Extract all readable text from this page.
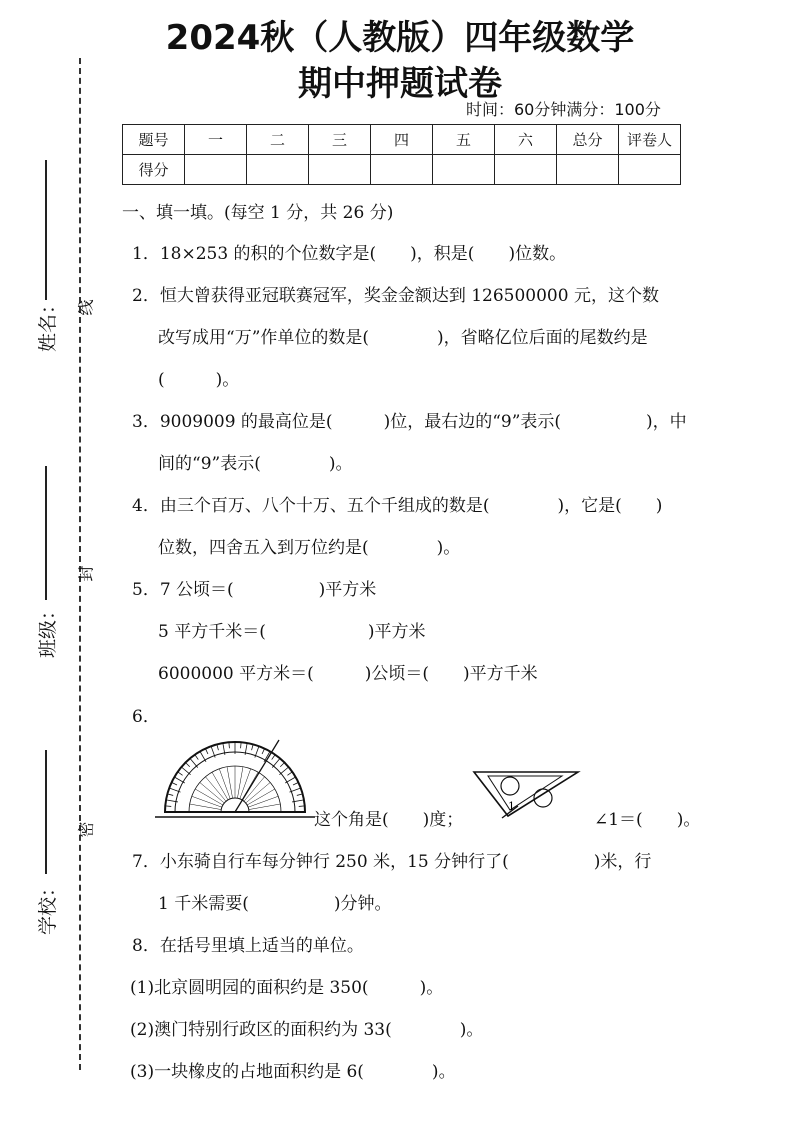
2024秋（人教版）四年级数学
期中押题试卷
时间：60分钟满分：100分
题号	一	二	三	四	五	六	总分	评卷人
得分								
姓名：
班级：
学校：
线
封
密
一、填一填。(每空 1 分，共 26 分)
1．18×253 的积的个位数字是(　　)，积是(　　)位数。
2．恒大曾获得亚冠联赛冠军，奖金金额达到 126500000 元，这个数
改写成用“万”作单位的数是(　　　　)，省略亿位后面的尾数约是
(　　　)。
3．9009009 的最高位是(　　　)位，最右边的“9”表示(　　　　　)，中
间的“9”表示(　　　　)。
4．由三个百万、八个十万、五个千组成的数是(　　　　)，它是(　　)
位数，四舍五入到万位约是(　　　　)。
5．7 公顷＝(　　　　　)平方米
5 平方千米＝(　　　　　　)平方米
6000000 平方米＝(　　　)公顷＝(　　)平方千米
6．
这个角是(　　)度；
1
∠1＝(　　)。
7．小东骑自行车每分钟行 250 米，15 分钟行了(　　　　　)米，行
1 千米需要(　　　　　)分钟。
8．在括号里填上适当的单位。
(1)北京圆明园的面积约是 350(　　　)。
(2)澳门特别行政区的面积约为 33(　　　　)。
(3)一块橡皮的占地面积约是 6(　　　　)。
